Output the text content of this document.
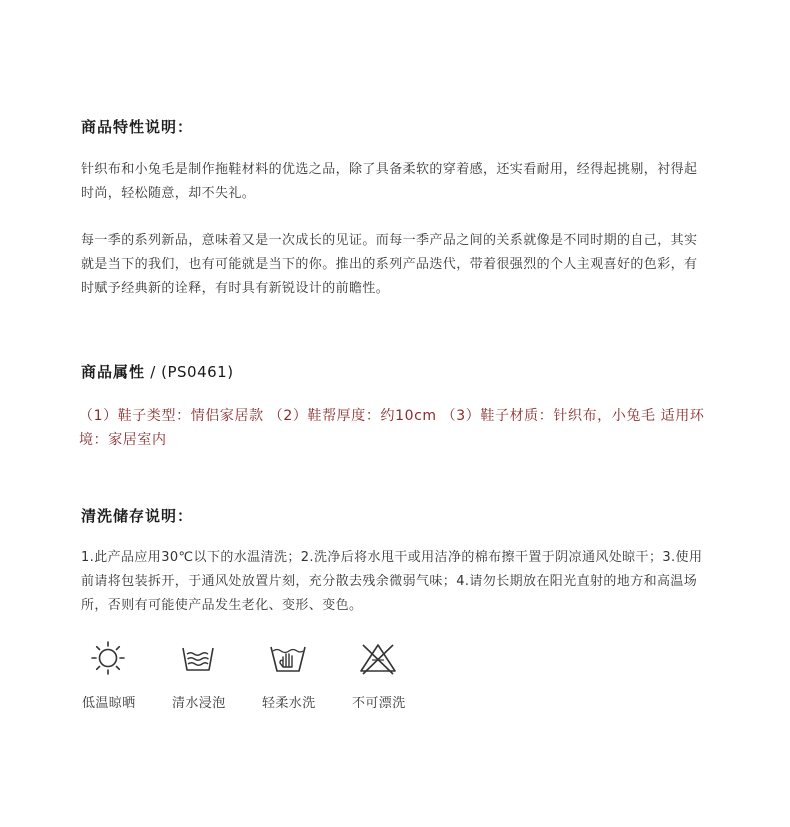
商品特性说明：
针织布和小兔毛是制作拖鞋材料的优选之品，除了具备柔软的穿着感，还实看耐用，经得起挑剔，衬得起
时尚，轻松随意，却不失礼。
每一季的系列新品，意味着又是一次成长的见证。而每一季产品之间的关系就像是不同时期的自己，其实
就是当下的我们，也有可能就是当下的你。推出的系列产品迭代，带着很强烈的个人主观喜好的色彩，有
时赋予经典新的诠释，有时具有新锐设计的前瞻性。
商品属性 / (PS0461)
（1）鞋子类型：情侣家居款 （2）鞋帮厚度：约10cm （3）鞋子材质：针织布，小兔毛 适用环
境：家居室内
清洗储存说明：
1.此产品应用30℃以下的水温清洗；2.洗净后将水甩干或用洁净的棉布擦干置于阴凉通风处晾干；3.使用
前请将包装拆开，于通风处放置片刻，充分散去残余微弱气味；4.请勿长期放在阳光直射的地方和高温场
所，否则有可能使产品发生老化、变形、变色。
低温晾晒	清水浸泡	轻柔水洗	不可漂洗
